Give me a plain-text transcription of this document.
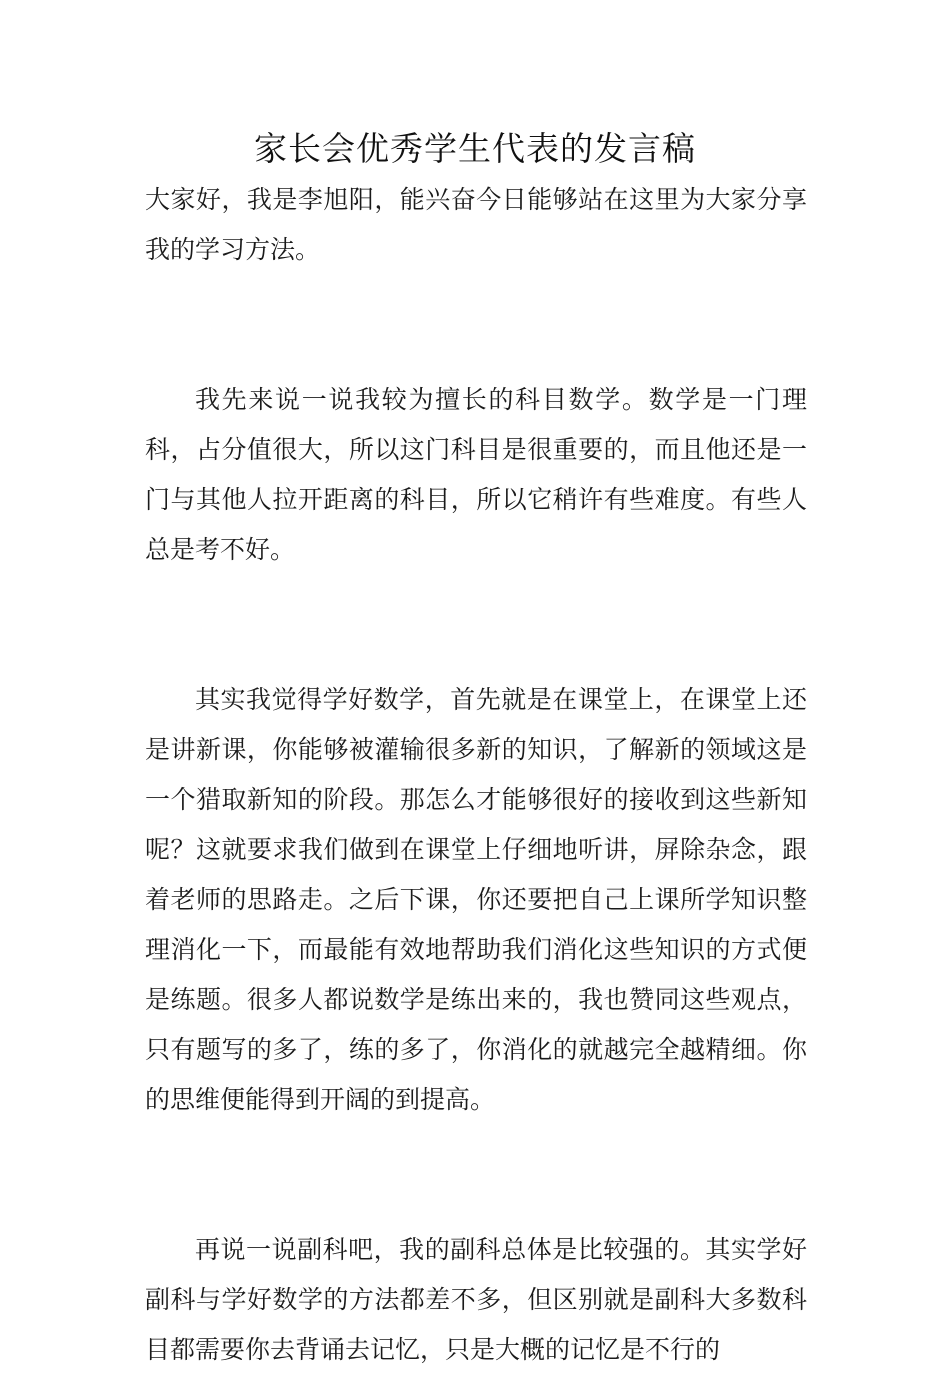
家长会优秀学生代表的发言稿

大家好，我是李旭阳，能兴奋今日能够站在这里为大家分享我的学习方法。

我先来说一说我较为擅长的科目数学。数学是一门理科，占分值很大，所以这门科目是很重要的，而且他还是一门与其他人拉开距离的科目，所以它稍许有些难度。有些人总是考不好。

其实我觉得学好数学，首先就是在课堂上，在课堂上还是讲新课，你能够被灌输很多新的知识，了解新的领域这是一个猎取新知的阶段。那怎么才能够很好的接收到这些新知呢？这就要求我们做到在课堂上仔细地听讲，屏除杂念，跟着老师的思路走。之后下课，你还要把自己上课所学知识整理消化一下，而最能有效地帮助我们消化这些知识的方式便是练题。很多人都说数学是练出来的，我也赞同这些观点，只有题写的多了，练的多了，你消化的就越完全越精细。你的思维便能得到开阔的到提高。

再说一说副科吧，我的副科总体是比较强的。其实学好副科与学好数学的方法都差不多，但区别就是副科大多数科目都需要你去背诵去记忆，只是大概的记忆是不行的
